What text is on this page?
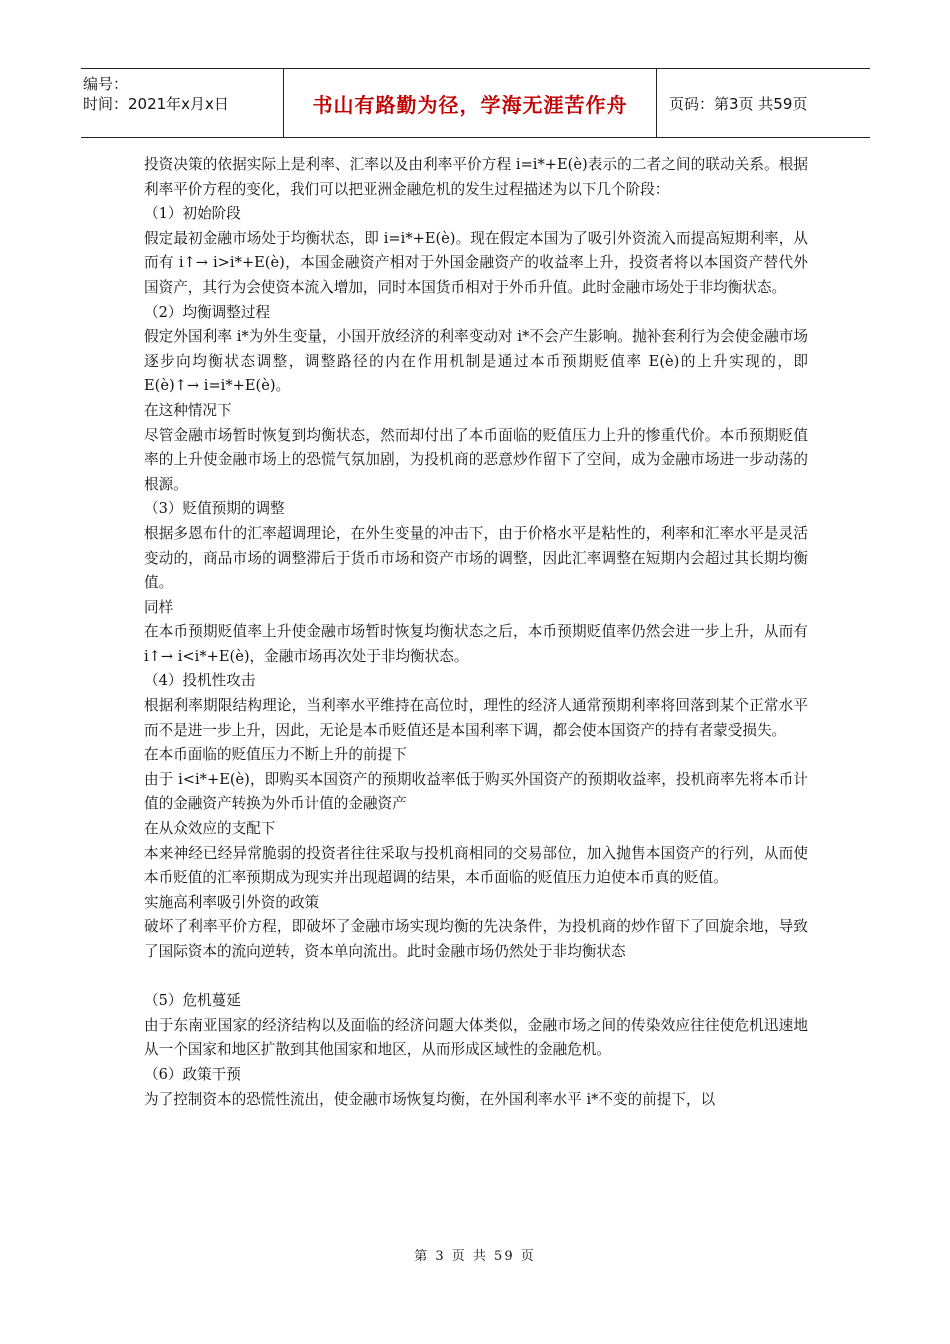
编号：
时间：2021年x月x日	书山有路勤为径，学海无涯苦作舟	页码：第3页 共59页

投资决策的依据实际上是利率、汇率以及由利率平价方程 i=i*+E(è)表示的二者之间的联动关系。根据利率平价方程的变化，我们可以把亚洲金融危机的发生过程描述为以下几个阶段：

（1）初始阶段

假定最初金融市场处于均衡状态，即 i=i*+E(è)。现在假定本国为了吸引外资流入而提高短期利率，从而有 i↑→ i>i*+E(è)，本国金融资产相对于外国金融资产的收益率上升，投资者将以本国资产替代外国资产，其行为会使资本流入增加，同时本国货币相对于外币升值。此时金融市场处于非均衡状态。

（2）均衡调整过程

假定外国利率 i*为外生变量，小国开放经济的利率变动对 i*不会产生影响。抛补套利行为会使金融市场逐步向均衡状态调整，调整路径的内在作用机制是通过本币预期贬值率 E(è)的上升实现的，即　　E(è)↑→ i=i*+E(è)。

在这种情况下

尽管金融市场暂时恢复到均衡状态，然而却付出了本币面临的贬值压力上升的惨重代价。本币预期贬值率的上升使金融市场上的恐慌气氛加剧，为投机商的恶意炒作留下了空间，成为金融市场进一步动荡的根源。

（3）贬值预期的调整

根据多恩布什的汇率超调理论，在外生变量的冲击下，由于价格水平是粘性的，利率和汇率水平是灵活变动的，商品市场的调整滞后于货币市场和资产市场的调整，因此汇率调整在短期内会超过其长期均衡值。

同样

在本币预期贬值率上升使金融市场暂时恢复均衡状态之后，本币预期贬值率仍然会进一步上升，从而有 i↑→ i<i*+E(è)，金融市场再次处于非均衡状态。

（4）投机性攻击

根据利率期限结构理论，当利率水平维持在高位时，理性的经济人通常预期利率将回落到某个正常水平而不是进一步上升，因此，无论是本币贬值还是本国利率下调，都会使本国资产的持有者蒙受损失。

在本币面临的贬值压力不断上升的前提下

由于 i<i*+E(è)，即购买本国资产的预期收益率低于购买外国资产的预期收益率，投机商率先将本币计值的金融资产转换为外币计值的金融资产

在从众效应的支配下

本来神经已经异常脆弱的投资者往往采取与投机商相同的交易部位，加入抛售本国资产的行列，从而使本币贬值的汇率预期成为现实并出现超调的结果，本币面临的贬值压力迫使本币真的贬值。

实施高利率吸引外资的政策

破坏了利率平价方程，即破坏了金融市场实现均衡的先决条件，为投机商的炒作留下了回旋余地，导致了国际资本的流向逆转，资本单向流出。此时金融市场仍然处于非均衡状态

（5）危机蔓延

由于东南亚国家的经济结构以及面临的经济问题大体类似，金融市场之间的传染效应往往使危机迅速地从一个国家和地区扩散到其他国家和地区，从而形成区域性的金融危机。

（6）政策干预

为了控制资本的恐慌性流出，使金融市场恢复均衡，在外国利率水平 i*不变的前提下，以

第 3 页 共 59 页
